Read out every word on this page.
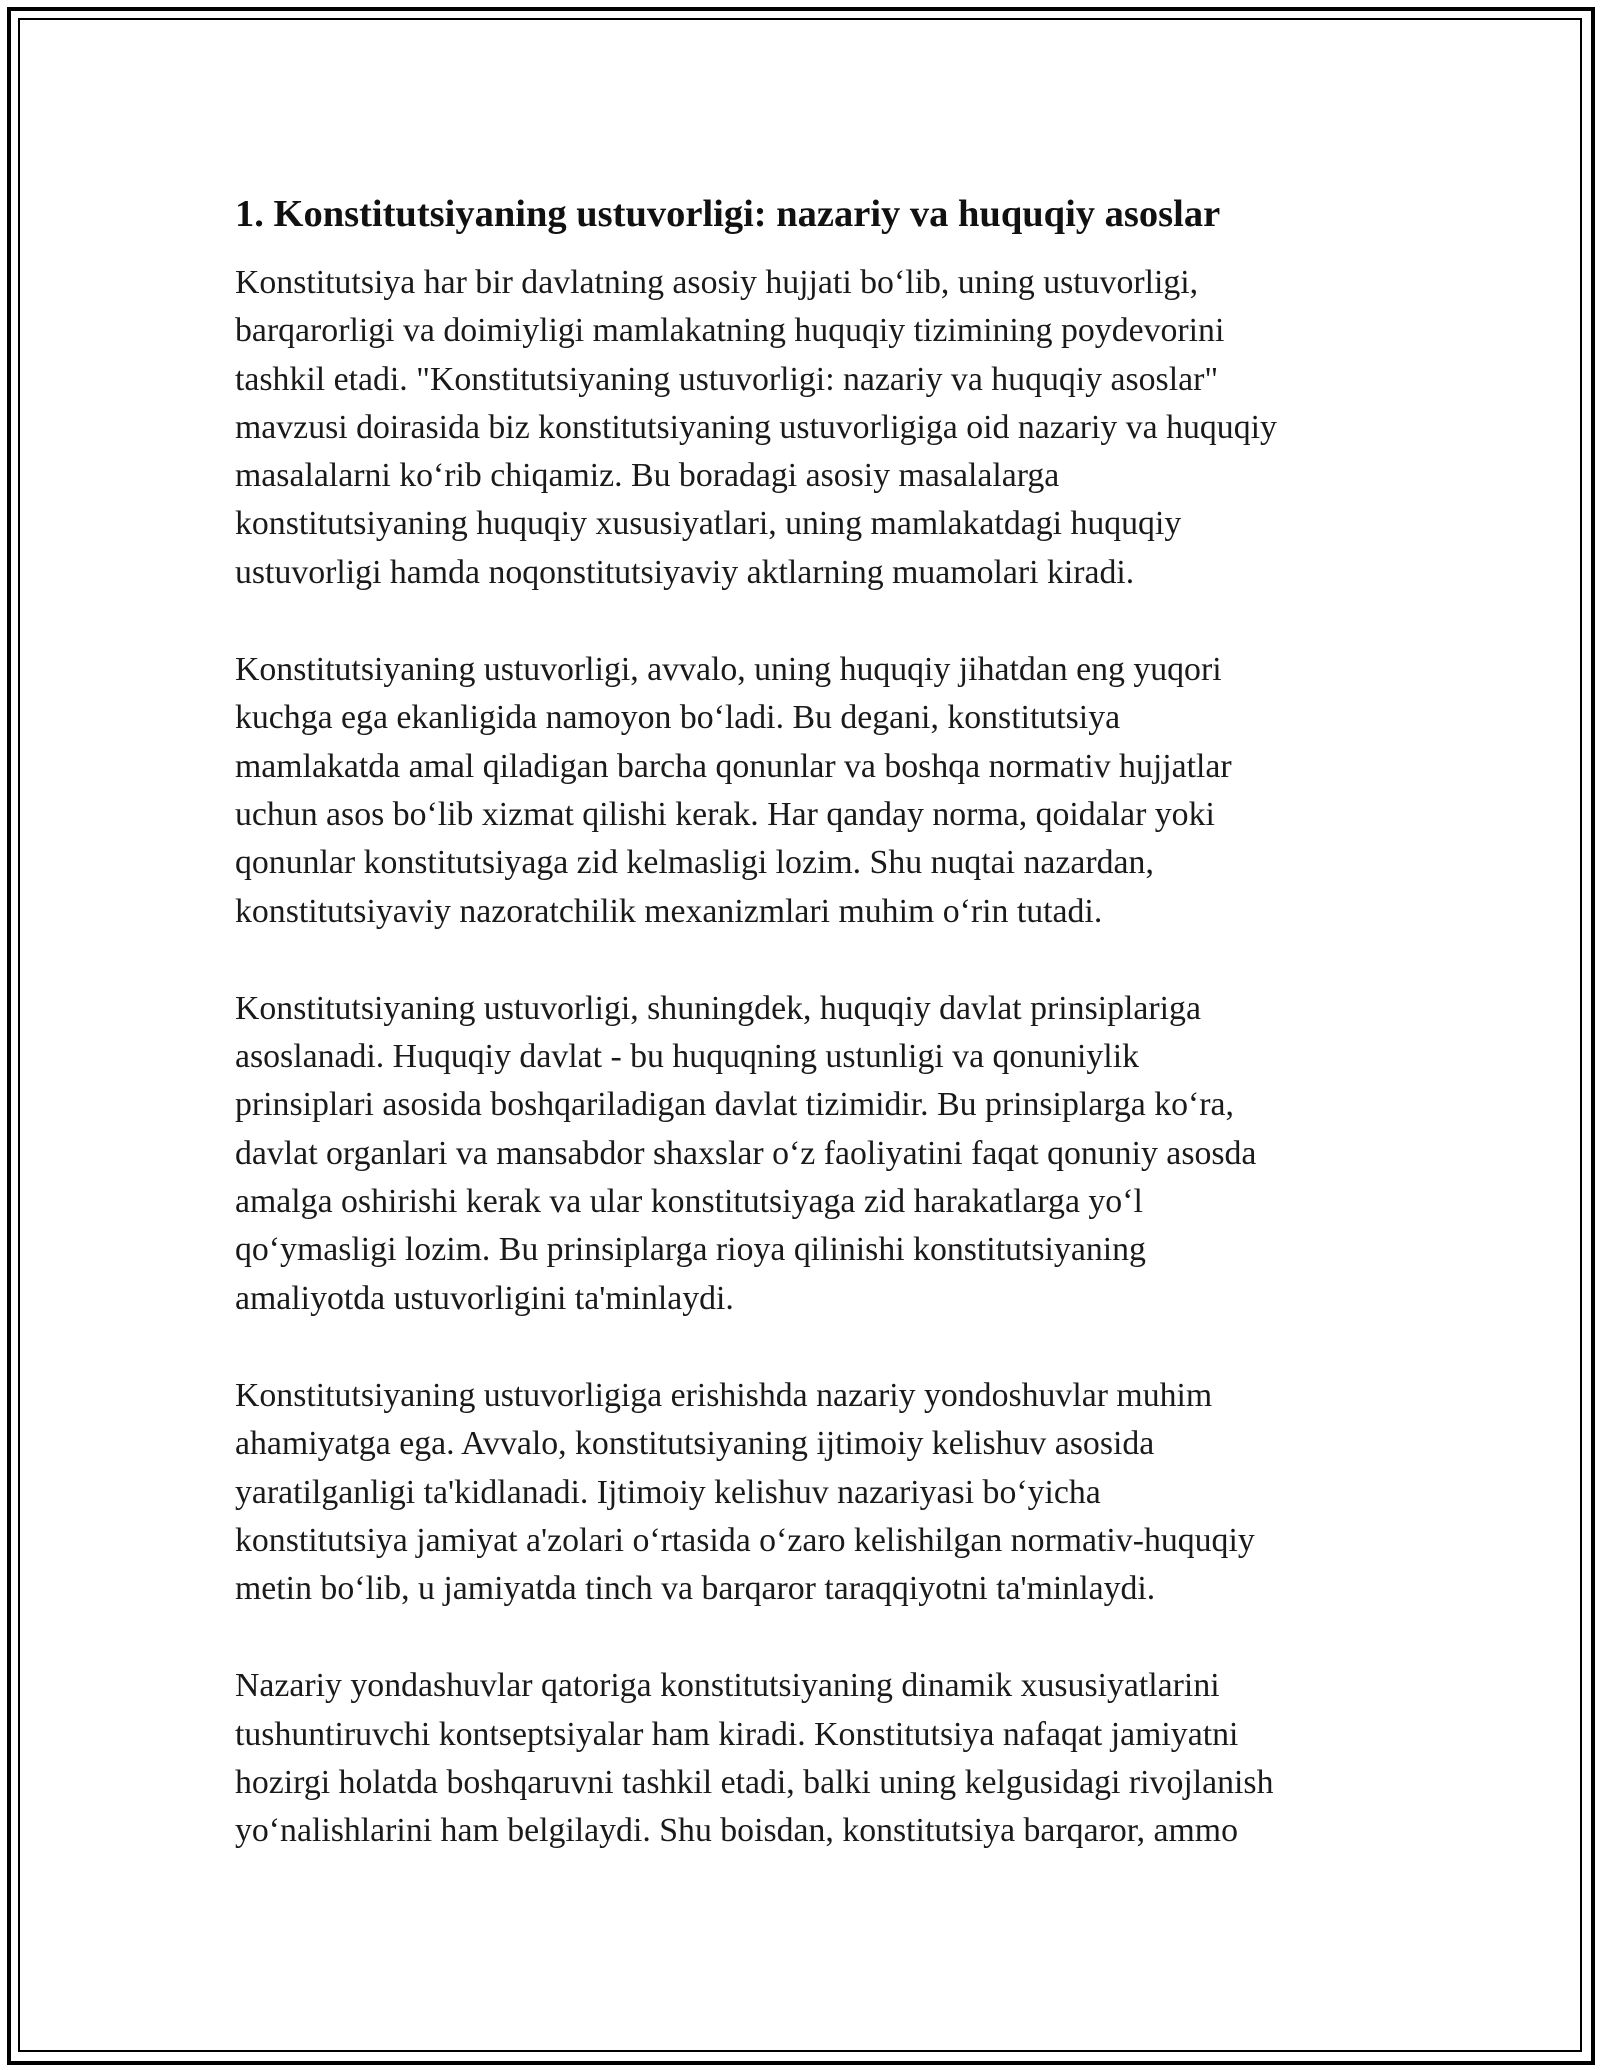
1. Konstitutsiyaning ustuvorligi: nazariy va huquqiy asoslar

Konstitutsiya har bir davlatning asosiy hujjati bo‘lib, uning ustuvorligi,
barqarorligi va doimiyligi mamlakatning huquqiy tizimining poydevorini
tashkil etadi. "Konstitutsiyaning ustuvorligi: nazariy va huquqiy asoslar"
mavzusi doirasida biz konstitutsiyaning ustuvorligiga oid nazariy va huquqiy
masalalarni ko‘rib chiqamiz. Bu boradagi asosiy masalalarga
konstitutsiyaning huquqiy xususiyatlari, uning mamlakatdagi huquqiy
ustuvorligi hamda noqonstitutsiyaviy aktlarning muamolari kiradi.

Konstitutsiyaning ustuvorligi, avvalo, uning huquqiy jihatdan eng yuqori
kuchga ega ekanligida namoyon bo‘ladi. Bu degani, konstitutsiya
mamlakatda amal qiladigan barcha qonunlar va boshqa normativ hujjatlar
uchun asos bo‘lib xizmat qilishi kerak. Har qanday norma, qoidalar yoki
qonunlar konstitutsiyaga zid kelmasligi lozim. Shu nuqtai nazardan,
konstitutsiyaviy nazoratchilik mexanizmlari muhim o‘rin tutadi.

Konstitutsiyaning ustuvorligi, shuningdek, huquqiy davlat prinsiplariga
asoslanadi. Huquqiy davlat - bu huquqning ustunligi va qonuniylik
prinsiplari asosida boshqariladigan davlat tizimidir. Bu prinsiplarga ko‘ra,
davlat organlari va mansabdor shaxslar o‘z faoliyatini faqat qonuniy asosda
amalga oshirishi kerak va ular konstitutsiyaga zid harakatlarga yo‘l
qo‘ymasligi lozim. Bu prinsiplarga rioya qilinishi konstitutsiyaning
amaliyotda ustuvorligini ta'minlaydi.

Konstitutsiyaning ustuvorligiga erishishda nazariy yondoshuvlar muhim
ahamiyatga ega. Avvalo, konstitutsiyaning ijtimoiy kelishuv asosida
yaratilganligi ta'kidlanadi. Ijtimoiy kelishuv nazariyasi bo‘yicha
konstitutsiya jamiyat a'zolari o‘rtasida o‘zaro kelishilgan normativ-huquqiy
metin bo‘lib, u jamiyatda tinch va barqaror taraqqiyotni ta'minlaydi.

Nazariy yondashuvlar qatoriga konstitutsiyaning dinamik xususiyatlarini
tushuntiruvchi kontseptsiyalar ham kiradi. Konstitutsiya nafaqat jamiyatni
hozirgi holatda boshqaruvni tashkil etadi, balki uning kelgusidagi rivojlanish
yo‘nalishlarini ham belgilaydi. Shu boisdan, konstitutsiya barqaror, ammo
